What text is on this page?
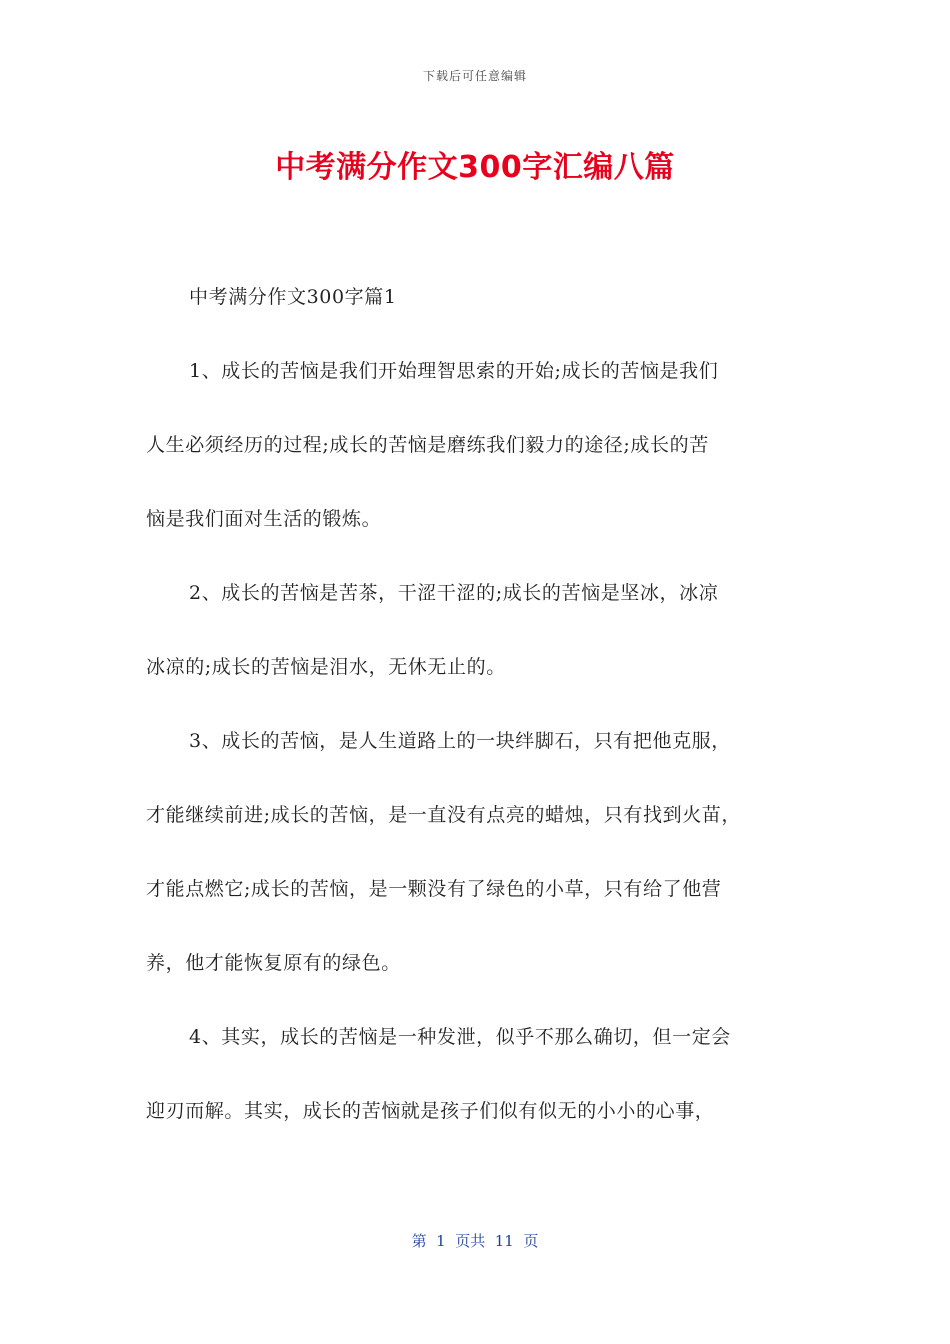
下载后可任意编辑
中考满分作文300字汇编八篇
中考满分作文300字篇1
1、成长的苦恼是我们开始理智思索的开始;成长的苦恼是我们
人生必须经历的过程;成长的苦恼是磨练我们毅力的途径;成长的苦
恼是我们面对生活的锻炼。
2、成长的苦恼是苦茶，干涩干涩的;成长的苦恼是坚冰，冰凉
冰凉的;成长的苦恼是泪水，无休无止的。
3、成长的苦恼，是人生道路上的一块绊脚石，只有把他克服，
才能继续前进;成长的苦恼，是一直没有点亮的蜡烛，只有找到火苗，
才能点燃它;成长的苦恼，是一颗没有了绿色的小草，只有给了他营
养，他才能恢复原有的绿色。
4、其实，成长的苦恼是一种发泄，似乎不那么确切，但一定会
迎刃而解。其实，成长的苦恼就是孩子们似有似无的小小的心事，
第  1  页共  11  页
